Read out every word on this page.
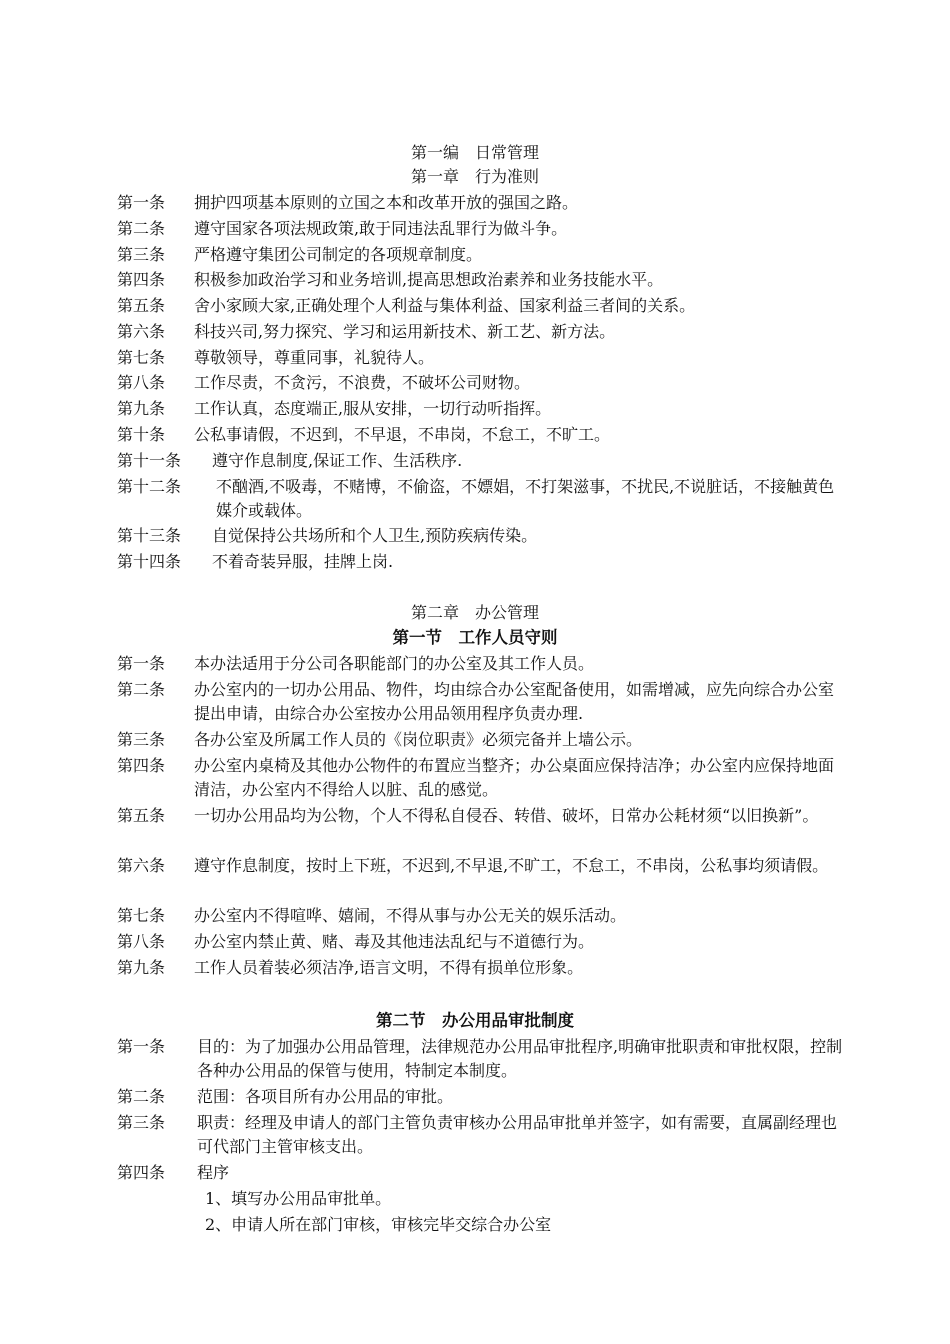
第一编　日常管理
第一章　行为准则
第一条	拥护四项基本原则的立国之本和改革开放的强国之路。
第二条	遵守国家各项法规政策,敢于同违法乱罪行为做斗争。
第三条	严格遵守集团公司制定的各项规章制度。
第四条	积极参加政治学习和业务培训,提高思想政治素养和业务技能水平。
第五条	舍小家顾大家,正确处理个人利益与集体利益、国家利益三者间的关系。
第六条	科技兴司,努力探究、学习和运用新技术、新工艺、新方法。
第七条	尊敬领导，尊重同事，礼貌待人。
第八条	工作尽责，不贪污，不浪费，不破坏公司财物。
第九条	工作认真，态度端正,服从安排，一切行动听指挥。
第十条	公私事请假，不迟到，不早退，不串岗，不怠工，不旷工。
第十一条	遵守作息制度,保证工作、生活秩序.
第十二条	不酗酒,不吸毒，不赌博，不偷盗，不嫖娼，不打架滋事，不扰民,不说脏话，不接触黄色媒介或载体。
第十三条	自觉保持公共场所和个人卫生,预防疾病传染。
第十四条	不着奇装异服，挂牌上岗.
第二章　办公管理
第一节　工作人员守则
第一条	本办法适用于分公司各职能部门的办公室及其工作人员。
第二条	办公室内的一切办公用品、物件，均由综合办公室配备使用，如需增减，应先向综合办公室提出申请，由综合办公室按办公用品领用程序负责办理.
第三条	各办公室及所属工作人员的《岗位职责》必须完备并上墙公示。
第四条	办公室内桌椅及其他办公物件的布置应当整齐；办公桌面应保持洁净；办公室内应保持地面清洁，办公室内不得给人以脏、乱的感觉。
第五条	一切办公用品均为公物，个人不得私自侵吞、转借、破坏，日常办公耗材须“以旧换新”。
第六条	遵守作息制度，按时上下班，不迟到,不早退,不旷工，不怠工，不串岗，公私事均须请假。
第七条	办公室内不得喧哗、嬉闹，不得从事与办公无关的娱乐活动。
第八条	办公室内禁止黄、赌、毒及其他违法乱纪与不道德行为。
第九条	工作人员着装必须洁净,语言文明，不得有损单位形象。
第二节　办公用品审批制度
第一条	目的：为了加强办公用品管理，法律规范办公用品审批程序,明确审批职责和审批权限，控制各种办公用品的保管与使用，特制定本制度。
第二条	范围：各项目所有办公用品的审批。
第三条	职责：经理及申请人的部门主管负责审核办公用品审批单并签字，如有需要，直属副经理也可代部门主管审核支出。
第四条	程序
1、填写办公用品审批单。
2、申请人所在部门审核，审核完毕交综合办公室
